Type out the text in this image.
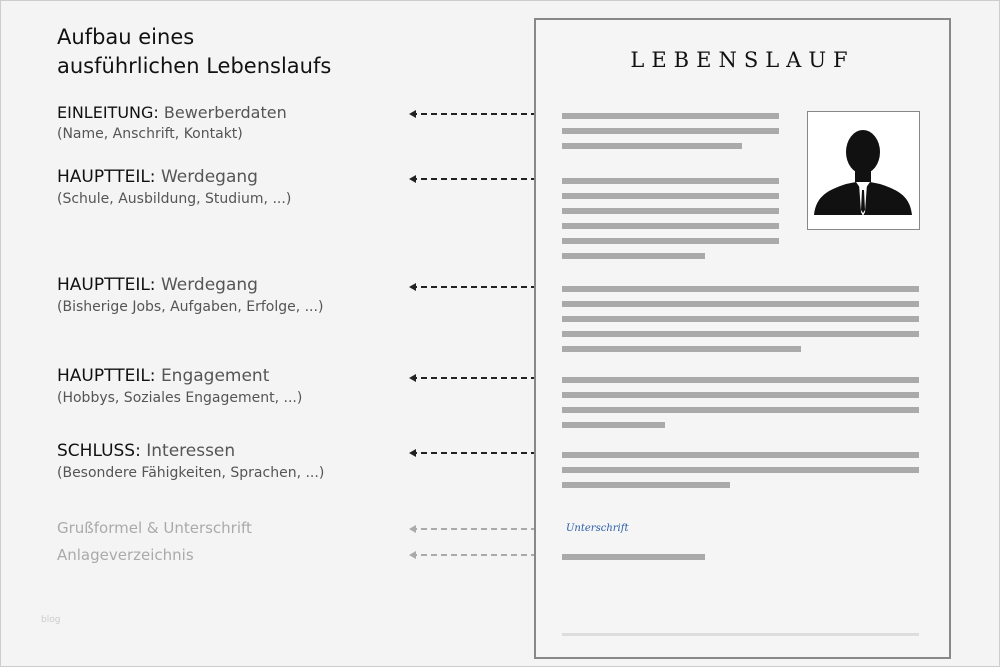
Aufbau eines
ausführlichen Lebenslaufs
EINLEITUNG: Bewerberdaten
(Name, Anschrift, Kontakt)
HAUPTTEIL: Werdegang
(Schule, Ausbildung, Studium, ...)
HAUPTTEIL: Werdegang
(Bisherige Jobs, Aufgaben, Erfolge, ...)
HAUPTTEIL: Engagement
(Hobbys, Soziales Engagement, ...)
SCHLUSS: Interessen
(Besondere Fähigkeiten, Sprachen, ...)
Grußformel & Unterschrift
Anlageverzeichnis
blog
LEBENSLAUF
Unterschrift
